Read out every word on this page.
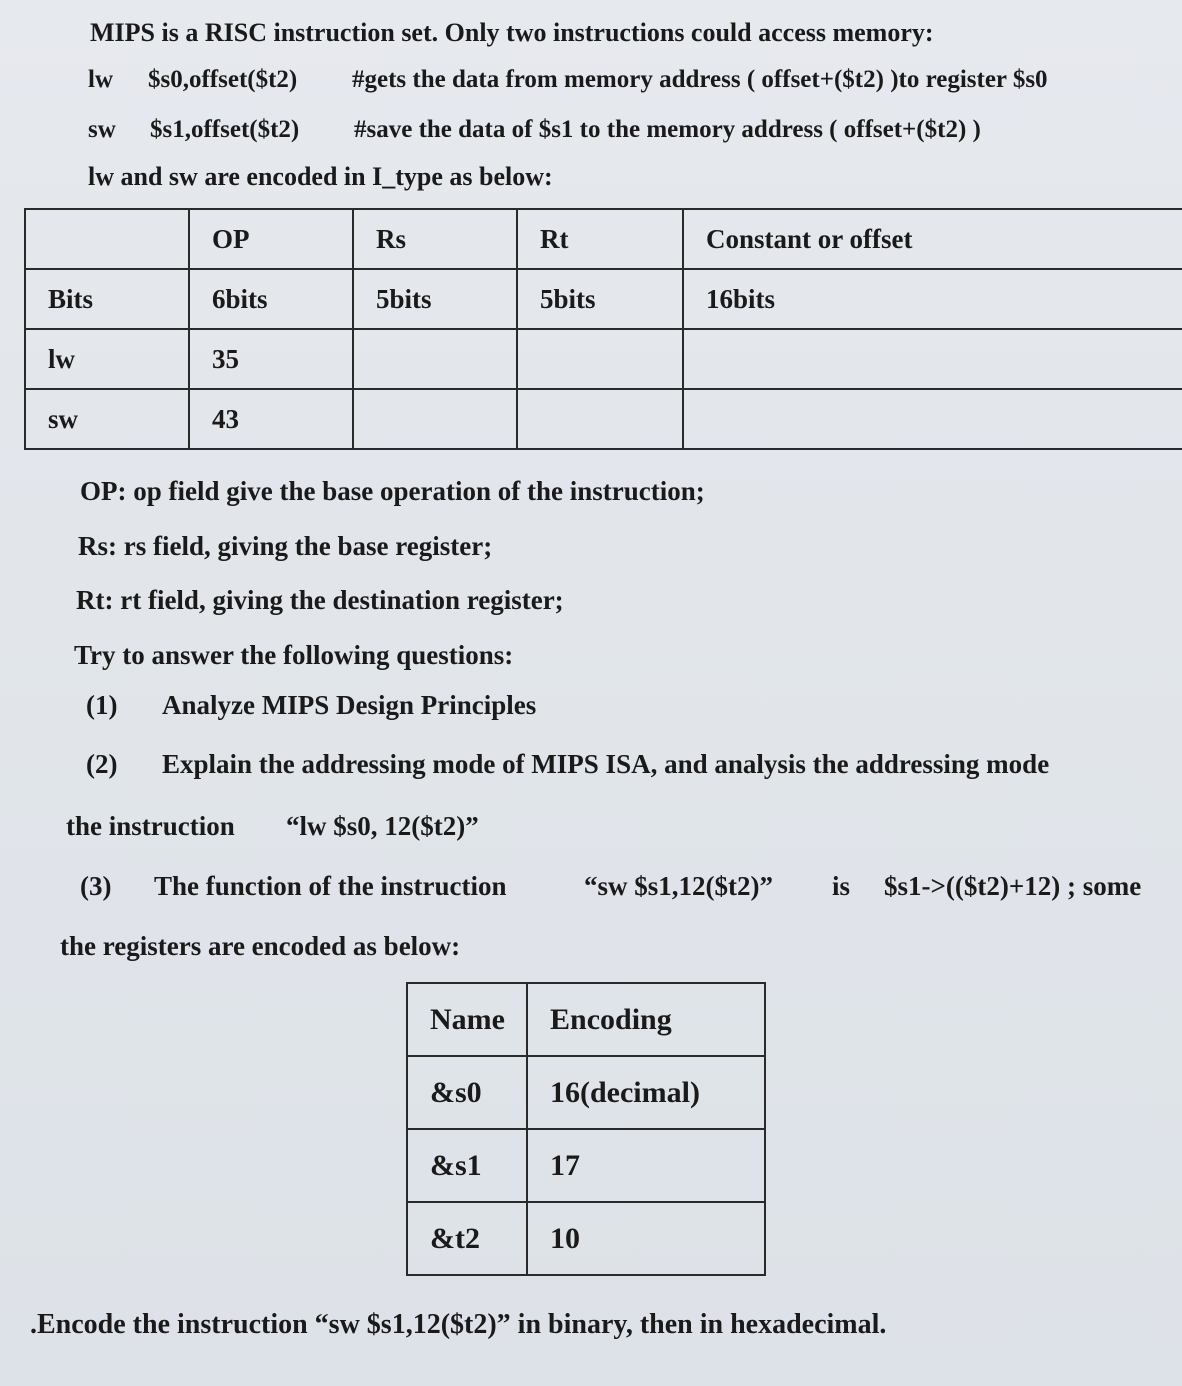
MIPS is a RISC instruction set. Only two instructions could access memory:
lw $s0,offset($t2) #gets the data from memory address ( offset+($t2) )to register $s0
sw $s1,offset($t2) #save the data of $s1 to the memory address ( offset+($t2) )
lw and sw are encoded in I_type as below:
	OP	Rs	Rt	Constant or offset
Bits	6bits	5bits	5bits	16bits
lw	35			
sw	43			
OP: op field give the base operation of the instruction;
Rs: rs field, giving the base register;
Rt: rt field, giving the destination register;
Try to answer the following questions:
(1) Analyze MIPS Design Principles
(2) Explain the addressing mode of MIPS ISA, and analysis the addressing mode
the instruction “lw $s0, 12($t2)”
(3) The function of the instruction	“sw $s1,12($t2)” is $s1->(($t2)+12) ; some
the registers are encoded as below:
Name	Encoding
&s0	16(decimal)
&s1	17
&t2	10
.Encode the instruction “sw $s1,12($t2)” in binary, then in hexadecimal.
